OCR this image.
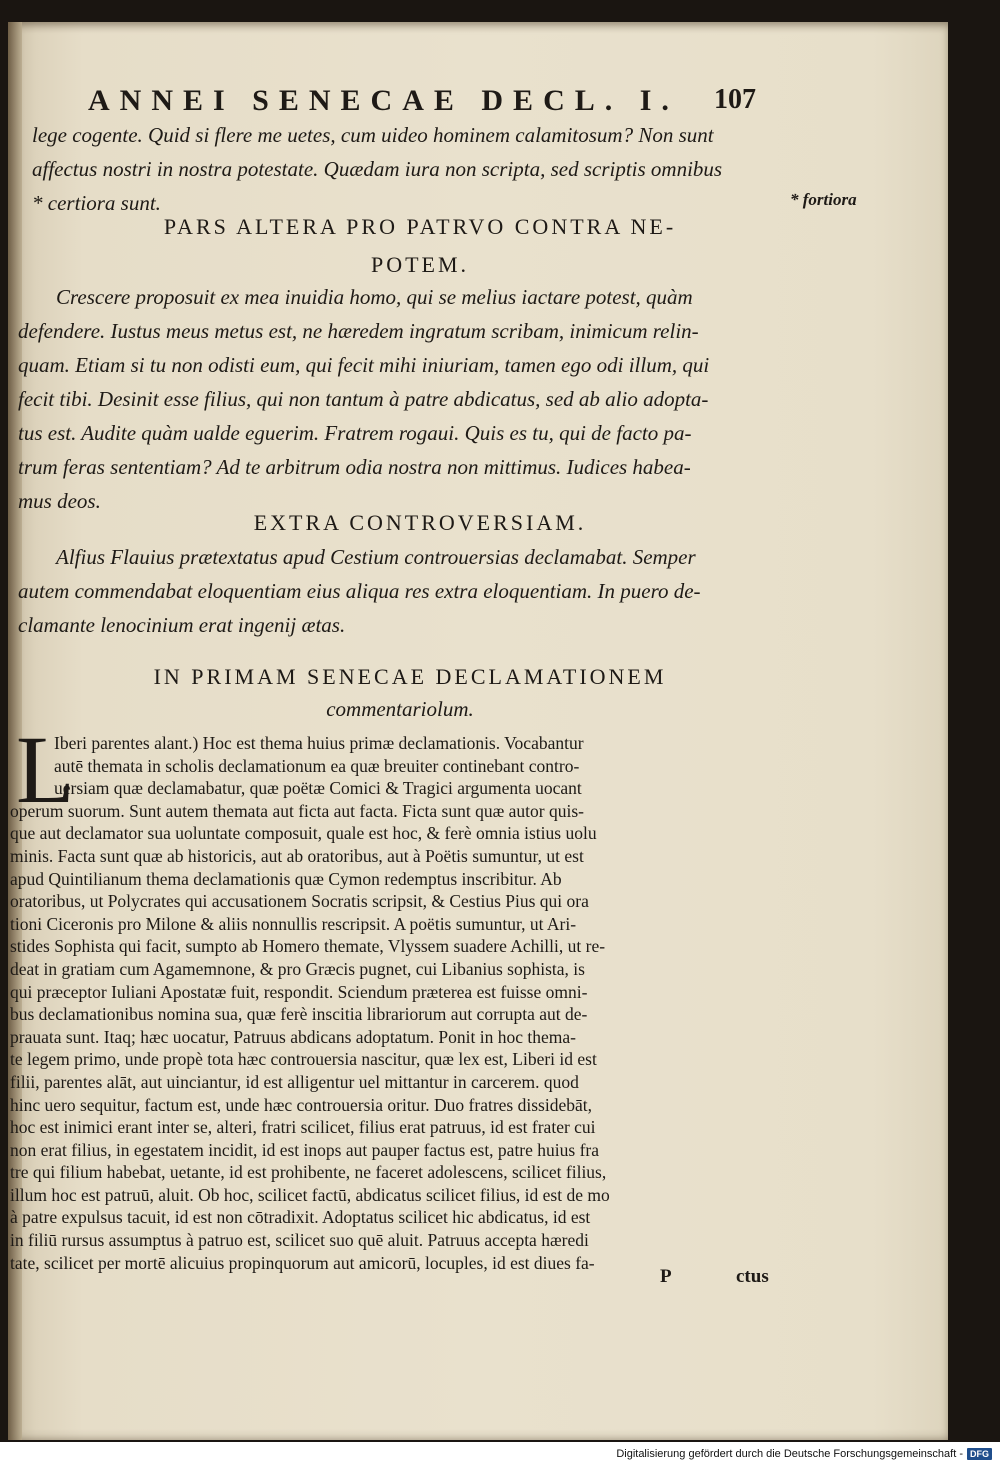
ANNEI SENECAE DECL. I.	107
lege cogente. Quid si flere me uetes, cum uideo hominem calamitosum? Non sunt
affectus nostri in nostra potestate. Quædam iura non scripta, sed scriptis omnibus
* certiora sunt.	* fortiora
PARS ALTERA PRO PATRVO CONTRA NE-
POTEM.
Crescere proposuit ex mea inuidia homo, qui se melius iactare potest, quàm
defendere. Iustus meus metus est, ne hæredem ingratum scribam, inimicum relin-
quam. Etiam si tu non odisti eum, qui fecit mihi iniuriam, tamen ego odi illum, qui
fecit tibi. Desinit esse filius, qui non tantum à patre abdicatus, sed ab alio adopta-
tus est. Audite quàm ualde eguerim. Fratrem rogaui. Quis es tu, qui de facto pa-
trum feras sententiam? Ad te arbitrum odia nostra non mittimus. Iudices habea-
mus deos.
EXTRA CONTROVERSIAM.
Alfius Flauius prætextatus apud Cestium controuersias declamabat. Semper
autem commendabat eloquentiam eius aliqua res extra eloquentiam. In puero de-
clamante lenocinium erat ingenij ætas.
IN PRIMAM SENECAE DECLAMATIONEM
commentariolum.
L
Iberi parentes alant.) Hoc est thema huius primæ declamationis. Vocabantur
autē themata in scholis declamationum ea quæ breuiter continebant contro-
uersiam quæ declamabatur, quæ poëtæ Comici & Tragici argumenta uocant
operum suorum. Sunt autem themata aut ficta aut facta. Ficta sunt quæ autor quis-
que aut declamator sua uoluntate composuit, quale est hoc, & ferè omnia istius uolu
minis. Facta sunt quæ ab historicis, aut ab oratoribus, aut à Poëtis sumuntur, ut est
apud Quintilianum thema declamationis quæ Cymon redemptus inscribitur. Ab
oratoribus, ut Polycrates qui accusationem Socratis scripsit, & Cestius Pius qui ora
tioni Ciceronis pro Milone & aliis nonnullis rescripsit. A poëtis sumuntur, ut Ari-
stides Sophista qui facit, sumpto ab Homero themate, Vlyssem suadere Achilli, ut re-
deat in gratiam cum Agamemnone, & pro Græcis pugnet, cui Libanius sophista, is
qui præceptor Iuliani Apostatæ fuit, respondit. Sciendum præterea est fuisse omni-
bus declamationibus nomina sua, quæ ferè inscitia librariorum aut corrupta aut de-
prauata sunt. Itaq; hæc uocatur, Patruus abdicans adoptatum. Ponit in hoc thema-
te legem primo, unde propè tota hæc controuersia nascitur, quæ lex est, Liberi id est
filii, parentes alāt, aut uinciantur, id est alligentur uel mittantur in carcerem. quod
hinc uero sequitur, factum est, unde hæc controuersia oritur. Duo fratres dissidebāt,
hoc est inimici erant inter se, alteri, fratri scilicet, filius erat patruus, id est frater cui
non erat filius, in egestatem incidit, id est inops aut pauper factus est, patre huius fra
tre qui filium habebat, uetante, id est prohibente, ne faceret adolescens, scilicet filius,
illum hoc est patruū, aluit. Ob hoc, scilicet factū, abdicatus scilicet filius, id est de mo
à patre expulsus tacuit, id est non cōtradixit. Adoptatus scilicet hic abdicatus, id est
in filiū rursus assumptus à patruo est, scilicet suo quē aluit. Patruus accepta hæredi
tate, scilicet per mortē alicuius propinquorum aut amicorū, locuples, id est diues fa-
P	ctus
Digitalisierung gefördert durch die Deutsche Forschungsgemeinschaft - DFG
